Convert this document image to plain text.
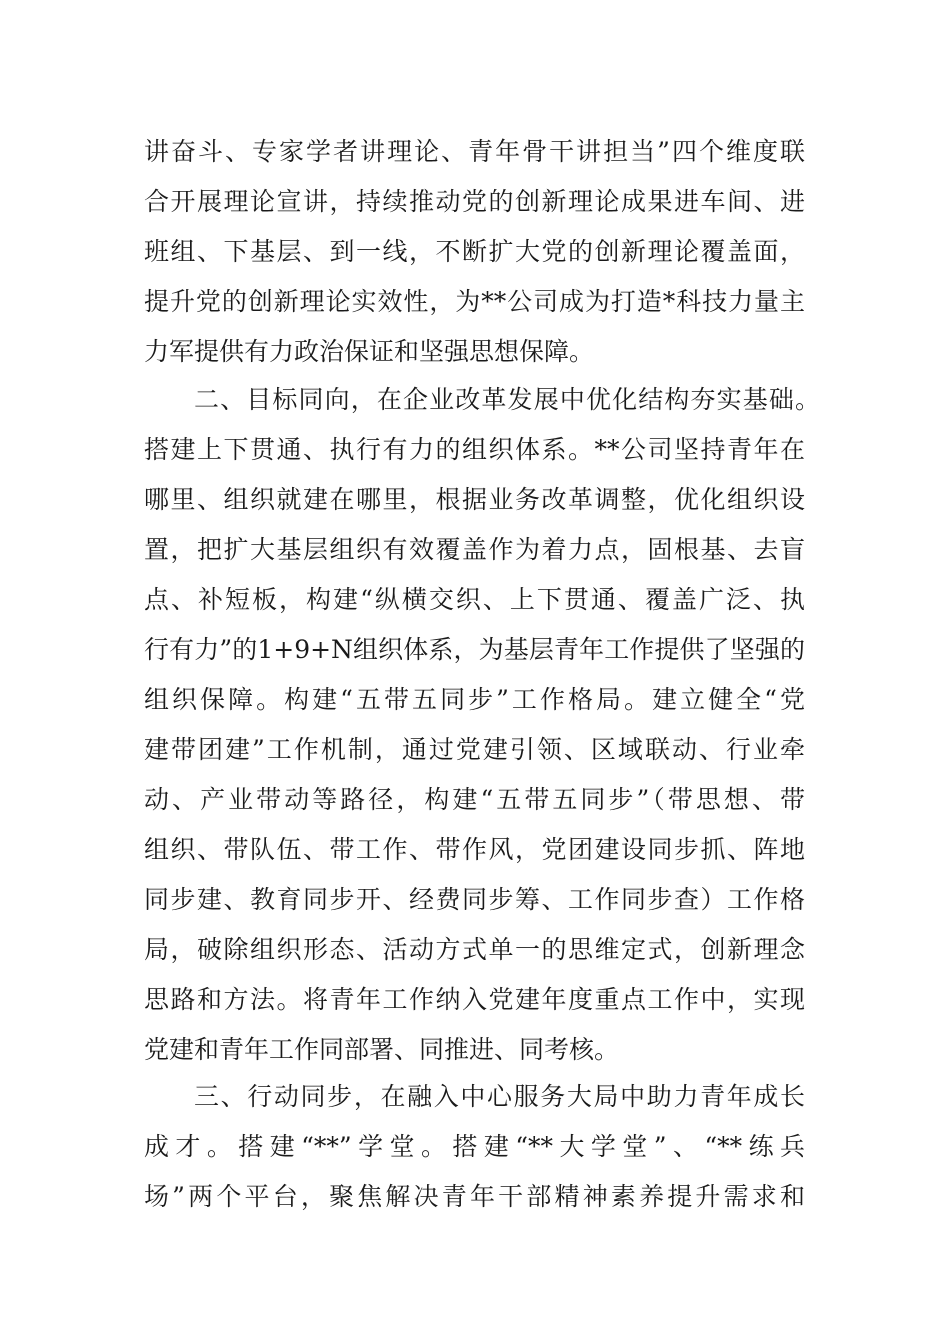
讲奋斗、专家学者讲理论、青年骨干讲担当”四个维度联
合开展理论宣讲，持续推动党的创新理论成果进车间、进
班组、下基层、到一线，不断扩大党的创新理论覆盖面，
提升党的创新理论实效性，为**公司成为打造*科技力量主
力军提供有力政治保证和坚强思想保障。
二、目标同向，在企业改革发展中优化结构夯实基础。
搭建上下贯通、执行有力的组织体系。**公司坚持青年在
哪里、组织就建在哪里，根据业务改革调整，优化组织设
置，把扩大基层组织有效覆盖作为着力点，固根基、去盲
点、补短板，构建“纵横交织、上下贯通、覆盖广泛、执
行有力”的1+9+N组织体系，为基层青年工作提供了坚强的
组织保障。构建“五带五同步”工作格局。建立健全“党
建带团建”工作机制，通过党建引领、区域联动、行业牵
动、产业带动等路径，构建“五带五同步”（带思想、带
组织、带队伍、带工作、带作风，党团建设同步抓、阵地
同步建、教育同步开、经费同步筹、工作同步查）工作格
局，破除组织形态、活动方式单一的思维定式，创新理念
思路和方法。将青年工作纳入党建年度重点工作中，实现
党建和青年工作同部署、同推进、同考核。
三、行动同步，在融入中心服务大局中助力青年成长
成才。搭建“**”学堂。搭建“**大学堂”、“**练兵
场”两个平台，聚焦解决青年干部精神素养提升需求和
